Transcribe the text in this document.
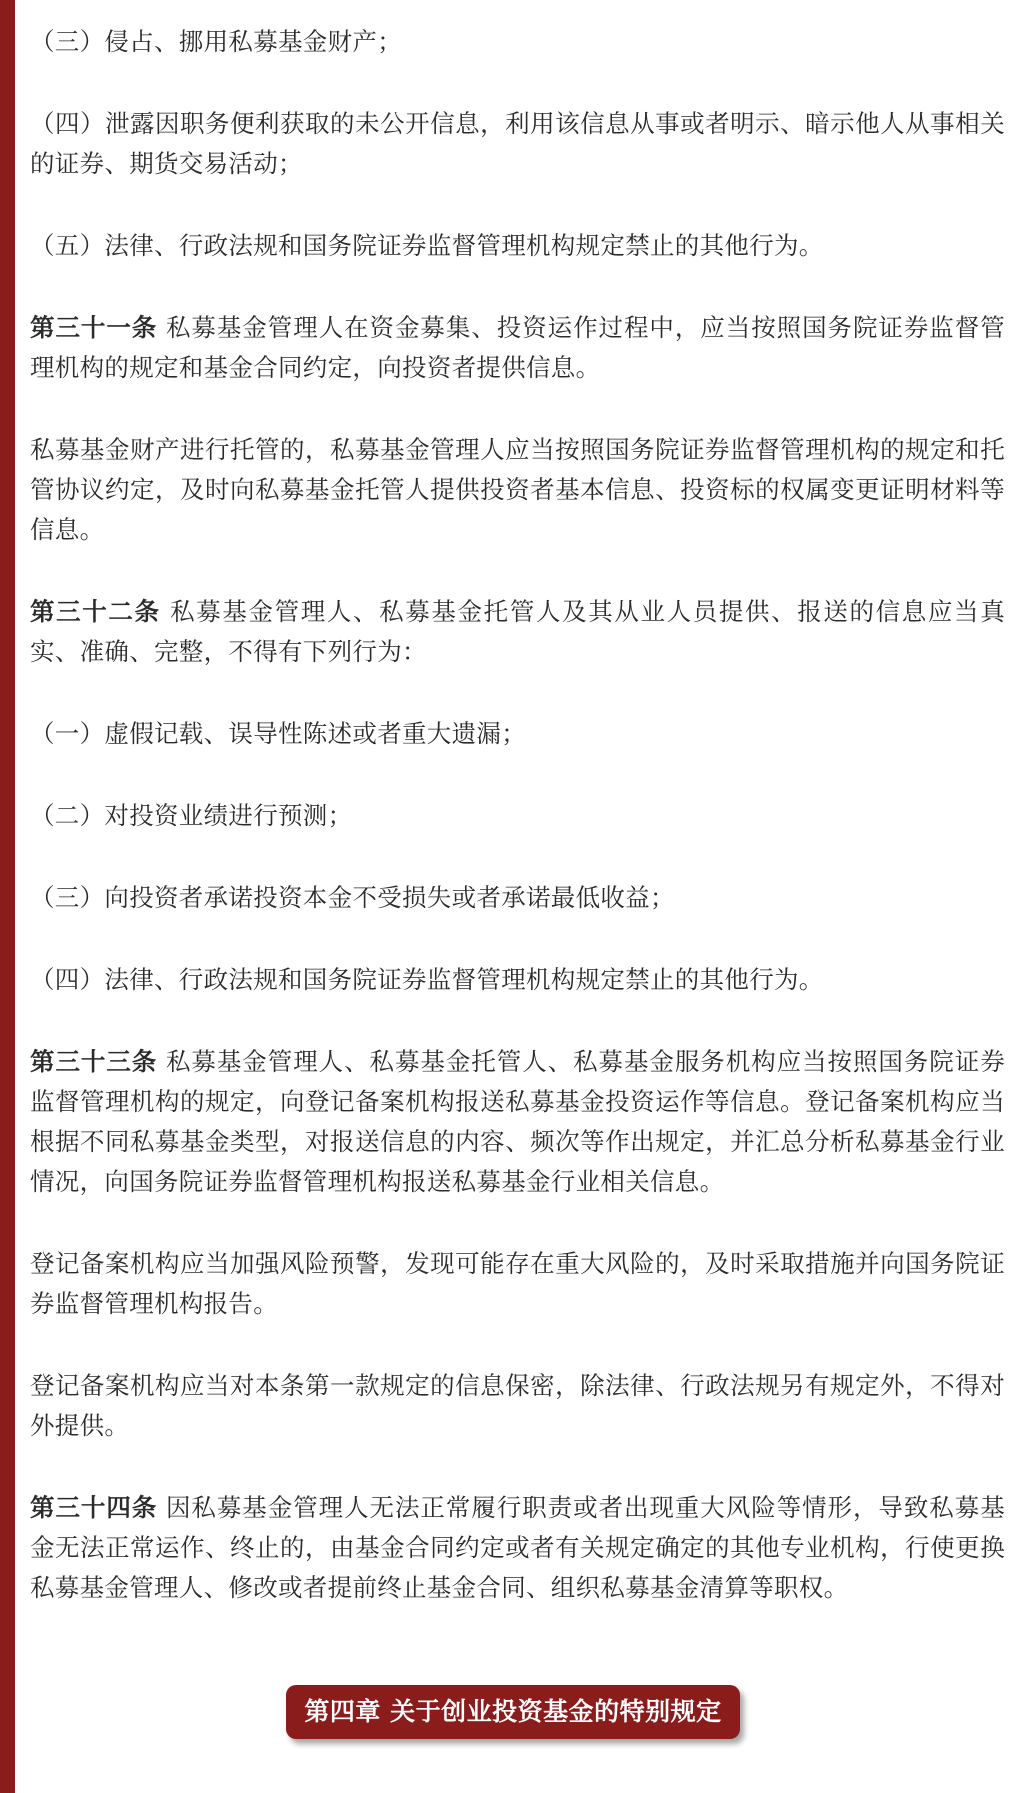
（三）侵占、挪用私募基金财产；

（四）泄露因职务便利获取的未公开信息，利用该信息从事或者明示、暗示他人从事相关的证券、期货交易活动；

（五）法律、行政法规和国务院证券监督管理机构规定禁止的其他行为。

第三十一条 私募基金管理人在资金募集、投资运作过程中，应当按照国务院证券监督管理机构的规定和基金合同约定，向投资者提供信息。

私募基金财产进行托管的，私募基金管理人应当按照国务院证券监督管理机构的规定和托管协议约定，及时向私募基金托管人提供投资者基本信息、投资标的权属变更证明材料等信息。

第三十二条 私募基金管理人、私募基金托管人及其从业人员提供、报送的信息应当真实、准确、完整，不得有下列行为：

（一）虚假记载、误导性陈述或者重大遗漏；

（二）对投资业绩进行预测；

（三）向投资者承诺投资本金不受损失或者承诺最低收益；

（四）法律、行政法规和国务院证券监督管理机构规定禁止的其他行为。

第三十三条 私募基金管理人、私募基金托管人、私募基金服务机构应当按照国务院证券监督管理机构的规定，向登记备案机构报送私募基金投资运作等信息。登记备案机构应当根据不同私募基金类型，对报送信息的内容、频次等作出规定，并汇总分析私募基金行业情况，向国务院证券监督管理机构报送私募基金行业相关信息。

登记备案机构应当加强风险预警，发现可能存在重大风险的，及时采取措施并向国务院证券监督管理机构报告。

登记备案机构应当对本条第一款规定的信息保密，除法律、行政法规另有规定外，不得对外提供。

第三十四条 因私募基金管理人无法正常履行职责或者出现重大风险等情形，导致私募基金无法正常运作、终止的，由基金合同约定或者有关规定确定的其他专业机构，行使更换私募基金管理人、修改或者提前终止基金合同、组织私募基金清算等职权。

第四章 关于创业投资基金的特别规定
